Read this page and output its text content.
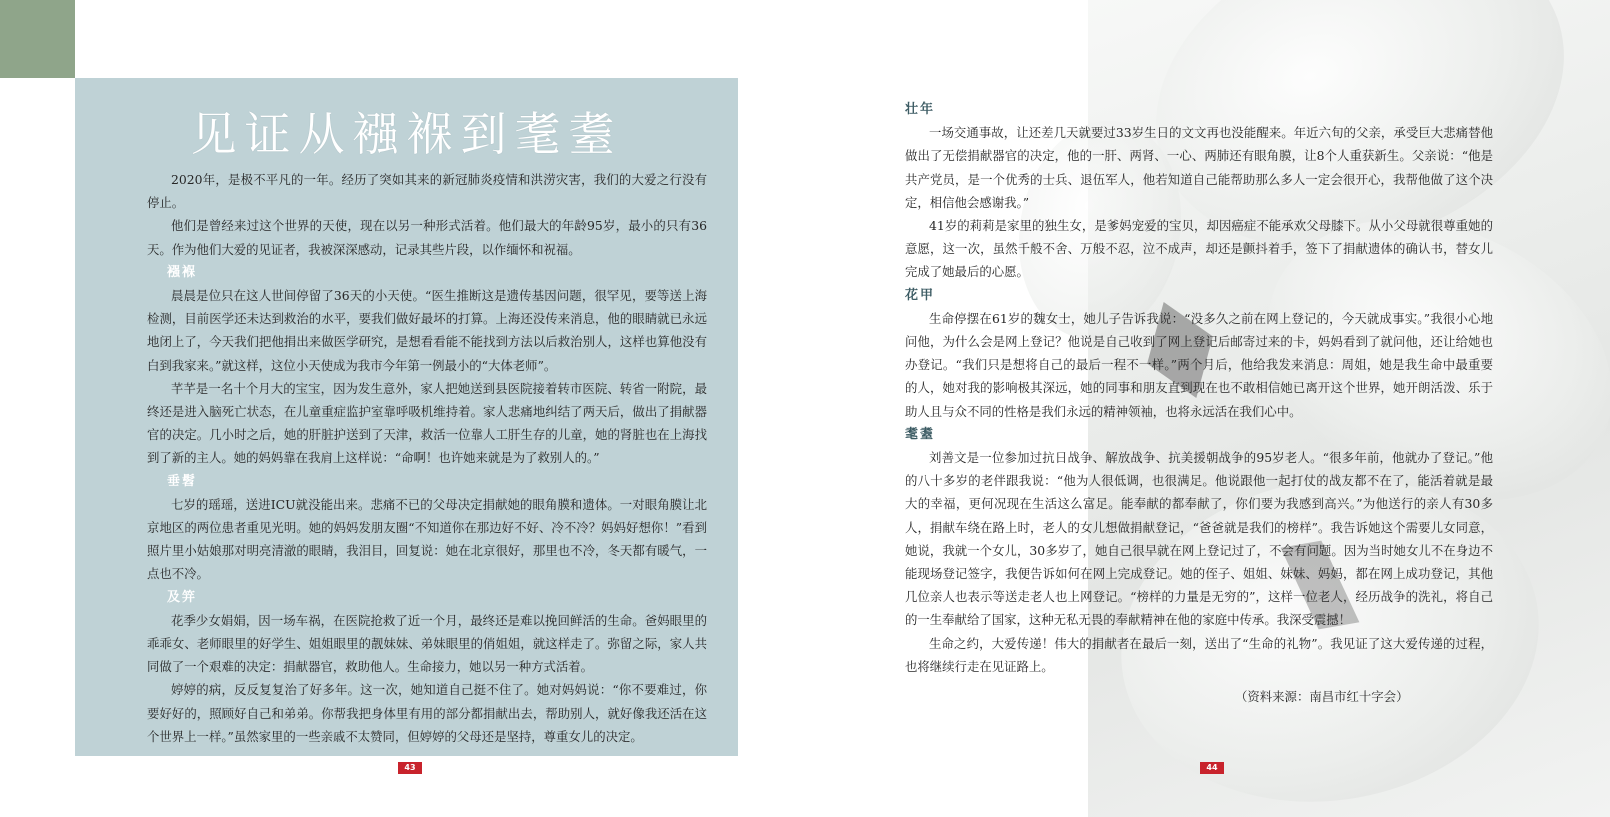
见证从襁褓到耄耋

2020年，是极不平凡的一年。经历了突如其来的新冠肺炎疫情和洪涝灾害，我们的大爱之行没有停止。

他们是曾经来过这个世界的天使，现在以另一种形式活着。他们最大的年龄95岁，最小的只有36天。作为他们大爱的见证者，我被深深感动，记录其些片段，以作缅怀和祝福。

襁褓

晨晨是位只在这人世间停留了36天的小天使。“医生推断这是遗传基因问题，很罕见，要等送上海检测，目前医学还未达到救治的水平，要我们做好最坏的打算。上海还没传来消息，他的眼睛就已永远地闭上了，今天我们把他捐出来做医学研究，是想看看能不能找到方法以后救治别人，这样也算他没有白到我家来。”就这样，这位小天使成为我市今年第一例最小的“大体老师”。

芊芊是一名十个月大的宝宝，因为发生意外，家人把她送到县医院接着转市医院、转省一附院，最终还是进入脑死亡状态，在儿童重症监护室靠呼吸机维持着。家人悲痛地纠结了两天后，做出了捐献器官的决定。几小时之后，她的肝脏护送到了天津，救活一位靠人工肝生存的儿童，她的肾脏也在上海找到了新的主人。她的妈妈靠在我肩上这样说：“命啊！也许她来就是为了救别人的。”

垂髫

七岁的瑶瑶，送进ICU就没能出来。悲痛不已的父母决定捐献她的眼角膜和遗体。一对眼角膜让北京地区的两位患者重见光明。她的妈妈发朋友圈“不知道你在那边好不好、冷不冷？妈妈好想你！”看到照片里小姑娘那对明亮清澈的眼睛，我泪目，回复说：她在北京很好，那里也不冷，冬天都有暖气，一点也不冷。

及笄

花季少女娟娟，因一场车祸，在医院抢救了近一个月，最终还是难以挽回鲜活的生命。爸妈眼里的乖乖女、老师眼里的好学生、姐姐眼里的靓妹妹、弟妹眼里的俏姐姐，就这样走了。弥留之际，家人共同做了一个艰难的决定：捐献器官，救助他人。生命接力，她以另一种方式活着。

婷婷的病，反反复复治了好多年。这一次，她知道自己挺不住了。她对妈妈说：“你不要难过，你要好好的，照顾好自己和弟弟。你帮我把身体里有用的部分都捐献出去，帮助别人，就好像我还活在这个世界上一样。”虽然家里的一些亲戚不太赞同，但婷婷的父母还是坚持，尊重女儿的决定。

壮年

一场交通事故，让还差几天就要过33岁生日的文文再也没能醒来。年近六旬的父亲，承受巨大悲痛替他做出了无偿捐献器官的决定，他的一肝、两肾、一心、两肺还有眼角膜，让8个人重获新生。父亲说：“他是共产党员，是一个优秀的士兵、退伍军人，他若知道自己能帮助那么多人一定会很开心，我帮他做了这个决定，相信他会感谢我。”

41岁的莉莉是家里的独生女，是爹妈宠爱的宝贝，却因癌症不能承欢父母膝下。从小父母就很尊重她的意愿，这一次，虽然千般不舍、万般不忍，泣不成声，却还是颤抖着手，签下了捐献遗体的确认书，替女儿完成了她最后的心愿。

花甲

生命停摆在61岁的魏女士，她儿子告诉我说：“没多久之前在网上登记的，今天就成事实。”我很小心地问他，为什么会是网上登记？他说是自己收到了网上登记后邮寄过来的卡，妈妈看到了就问他，还让给她也办登记。“我们只是想将自己的最后一程不一样。”两个月后，他给我发来消息：周姐，她是我生命中最重要的人，她对我的影响极其深远，她的同事和朋友直到现在也不敢相信她已离开这个世界，她开朗活泼、乐于助人且与众不同的性格是我们永远的精神领袖，也将永远活在我们心中。

耄耋

刘善文是一位参加过抗日战争、解放战争、抗美援朝战争的95岁老人。“很多年前，他就办了登记。”他的八十多岁的老伴跟我说：“他为人很低调，也很满足。他说跟他一起打仗的战友都不在了，能活着就是最大的幸福，更何况现在生活这么富足。能奉献的都奉献了，你们要为我感到高兴。”为他送行的亲人有30多人，捐献车绕在路上时，老人的女儿想做捐献登记，“爸爸就是我们的榜样”。我告诉她这个需要儿女同意，她说，我就一个女儿，30多岁了，她自己很早就在网上登记过了，不会有问题。因为当时她女儿不在身边不能现场登记签字，我便告诉如何在网上完成登记。她的侄子、姐姐、妹妹、妈妈，都在网上成功登记，其他几位亲人也表示等送走老人也上网登记。“榜样的力量是无穷的”，这样一位老人，经历战争的洗礼，将自己的一生奉献给了国家，这种无私无畏的奉献精神在他的家庭中传承。我深受震撼！

生命之约，大爱传递！伟大的捐献者在最后一刻，送出了“生命的礼物”。我见证了这大爱传递的过程，也将继续行走在见证路上。

（资料来源：南昌市红十字会）
43	44
